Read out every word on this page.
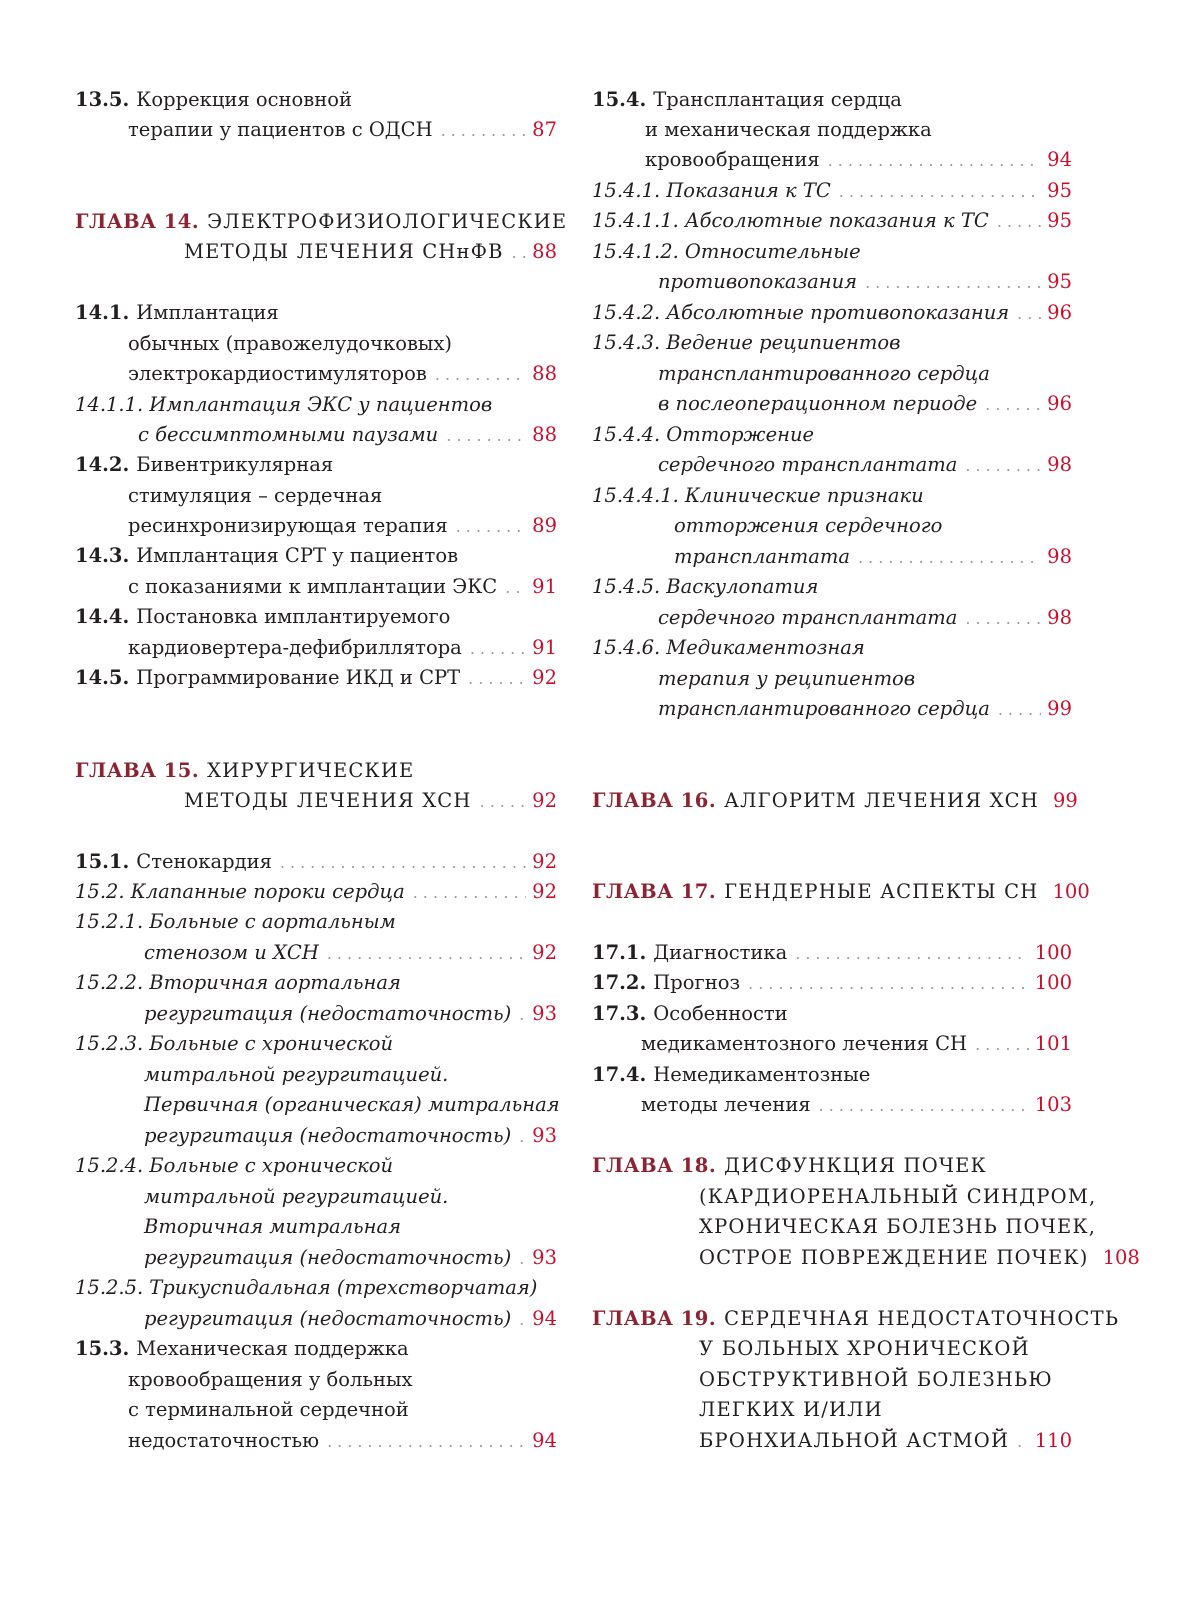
13.5. Коррекция основной
терапии у пациентов с ОДСН .....	87
ГЛАВА 14. ЭЛЕКТРОФИЗИОЛОГИЧЕСКИЕ
МЕТОДЫ ЛЕЧЕНИЯ СНнФВ ..... 88
14.1. Имплантация
обычных (правожелудочковых)
электрокардиостимуляторов .....	88
14.1.1. Имплантация ЭКС у пациентов
с бессимптомными паузами .....	88
14.2. Бивентрикулярная
стимуляция – сердечная
ресинхронизирующая терапия .....	89
14.3. Имплантация СРТ у пациентов
с показаниями к имплантации ЭКС ..... 91
14.4. Постановка имплантируемого
кардиовертера-дефибриллятора .....	91
14.5. Программирование ИКД и СРТ .....	92
ГЛАВА 15. ХИРУРГИЧЕСКИЕ
МЕТОДЫ ЛЕЧЕНИЯ ХСН .....	92
15.1. Стенокардия .....	92
15.2. Клапанные пороки сердца .....	92
15.2.1. Больные с аортальным
стенозом и ХСН .....	92
15.2.2. Вторичная аортальная
регургитация (недостаточность) ..... 93
15.2.3. Больные с хронической
митральной регургитацией.
Первичная (органическая) митральная
регургитация (недостаточность) ..... 93
15.2.4. Больные с хронической
митральной регургитацией.
Вторичная митральная
регургитация (недостаточность) ..... 93
15.2.5. Трикуспидальная (трехстворчатая)
регургитация (недостаточность) ..... 94
15.3. Механическая поддержка
кровообращения у больных
с терминальной сердечной
недостаточностью .....	94
15.4. Трансплантация сердца
и механическая поддержка
кровообращения .....	94
15.4.1. Показания к ТС .....	95
15.4.1.1. Абсолютные показания к ТС .....	95
15.4.1.2. Относительные
противопоказания .....	95
15.4.2. Абсолютные противопоказания ..... 96
15.4.3. Ведение реципиентов
трансплантированного сердца
в послеоперационном периоде .....	96
15.4.4. Отторжение
сердечного трансплантата .....	98
15.4.4.1. Клинические признаки
отторжения сердечного
трансплантата .....	98
15.4.5. Васкулопатия
сердечного трансплантата .....	98
15.4.6. Медикаментозная
терапия у реципиентов
трансплантированного сердца .....	99
ГЛАВА 16. АЛГОРИТМ ЛЕЧЕНИЯ ХСН 99
ГЛАВА 17. ГЕНДЕРНЫЕ АСПЕКТЫ СН 100
17.1. Диагностика .....	100
17.2. Прогноз .....	100
17.3. Особенности
медикаментозного лечения СН .....	101
17.4. Немедикаментозные
методы лечения .....	103
ГЛАВА 18. ДИСФУНКЦИЯ ПОЧЕК
(КАРДИОРЕНАЛЬНЫЙ СИНДРОМ,
ХРОНИЧЕСКАЯ БОЛЕЗНЬ ПОЧЕК,
ОСТРОЕ ПОВРЕЖДЕНИЕ ПОЧЕК) 108
ГЛАВА 19. СЕРДЕЧНАЯ НЕДОСТАТОЧНОСТЬ
У БОЛЬНЫХ ХРОНИЧЕСКОЙ
ОБСТРУКТИВНОЙ БОЛЕЗНЬЮ
ЛЕГКИХ И/ИЛИ
БРОНХИАЛЬНОЙ АСТМОЙ ..... 110
